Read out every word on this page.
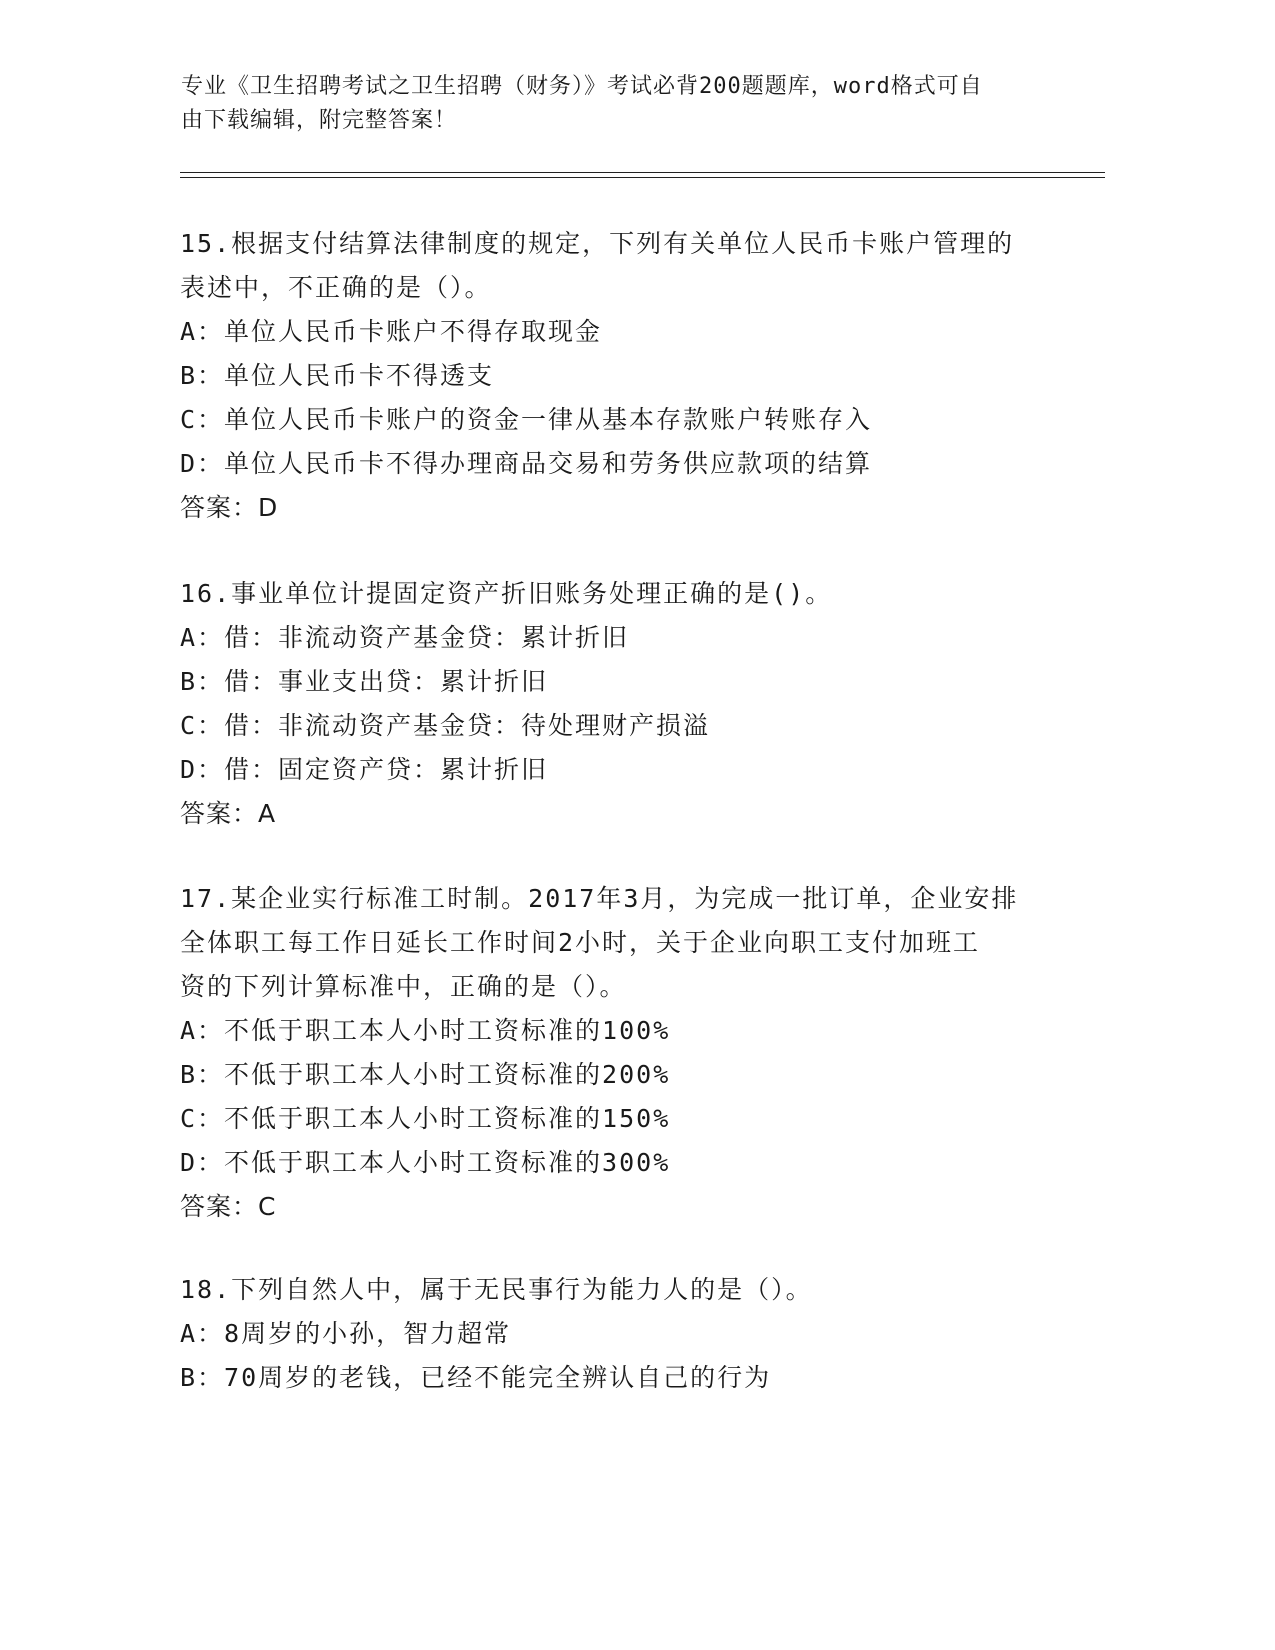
专业《卫生招聘考试之卫生招聘（财务）》考试必背200题题库，word格式可自
由下载编辑，附完整答案！
15.根据支付结算法律制度的规定，下列有关单位人民币卡账户管理的
表述中，不正确的是（）。
A：单位人民币卡账户不得存取现金
B：单位人民币卡不得透支
C：单位人民币卡账户的资金一律从基本存款账户转账存入
D：单位人民币卡不得办理商品交易和劳务供应款项的结算
答案：D
16.事业单位计提固定资产折旧账务处理正确的是()。
A：借：非流动资产基金贷：累计折旧
B：借：事业支出贷：累计折旧
C：借：非流动资产基金贷：待处理财产损溢
D：借：固定资产贷：累计折旧
答案：A
17.某企业实行标准工时制。2017年3月，为完成一批订单，企业安排
全体职工每工作日延长工作时间2小时，关于企业向职工支付加班工
资的下列计算标准中，正确的是（）。
A：不低于职工本人小时工资标准的100%
B：不低于职工本人小时工资标准的200%
C：不低于职工本人小时工资标准的150%
D：不低于职工本人小时工资标准的300%
答案：C
18.下列自然人中，属于无民事行为能力人的是（）。
A：8周岁的小孙，智力超常
B：70周岁的老钱，已经不能完全辨认自己的行为
